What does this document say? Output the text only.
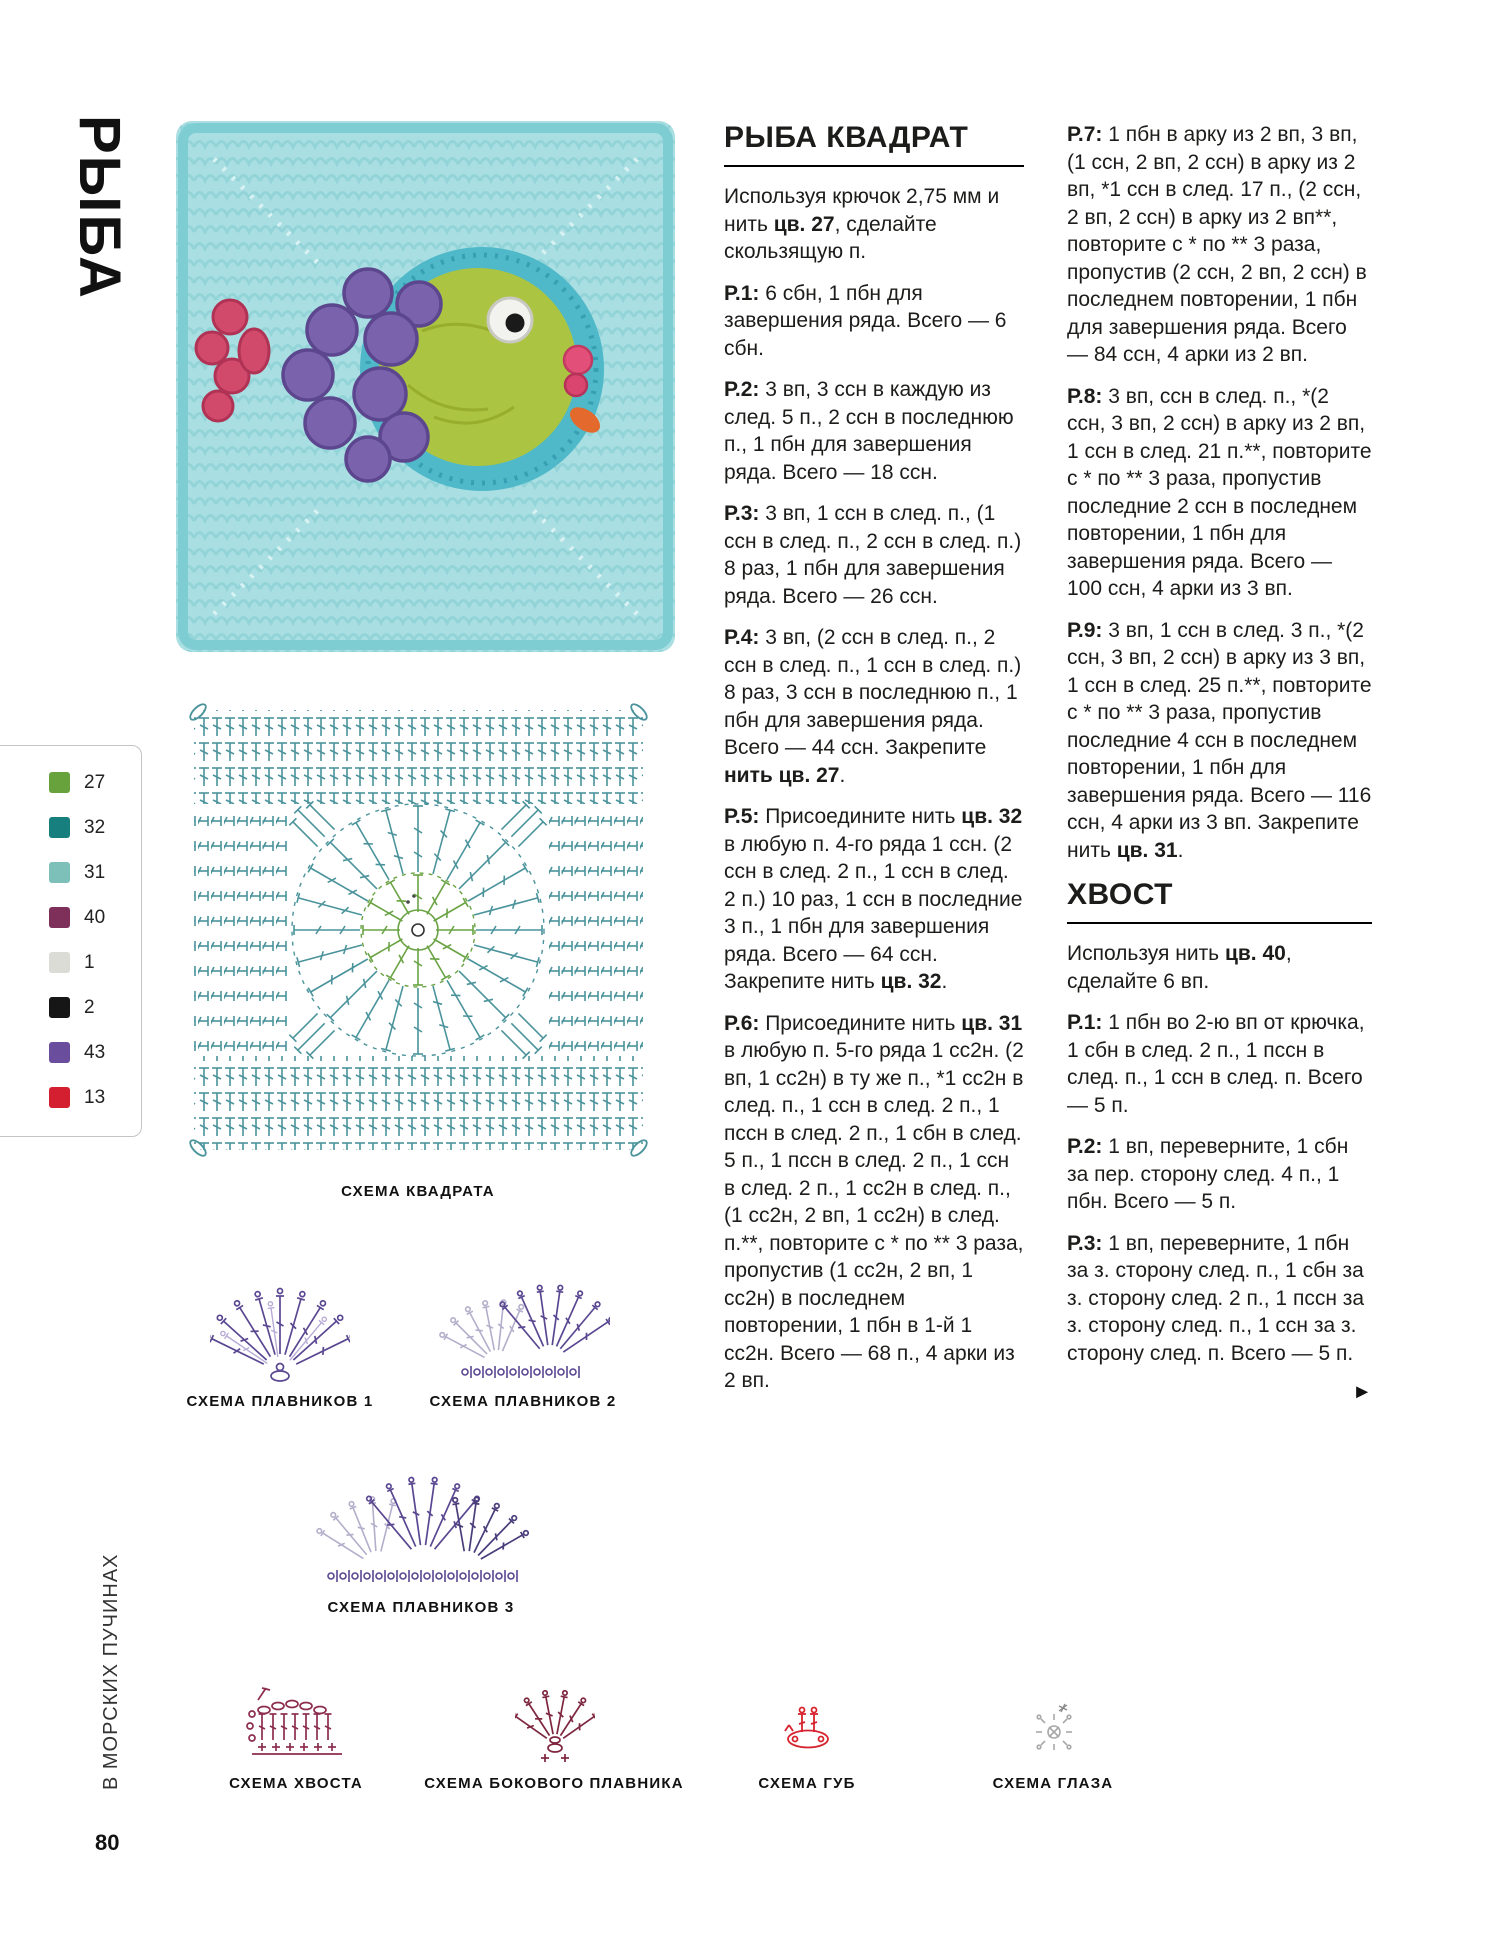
РЫБА
СХЕМА КВАДРАТА
27
32
31
40
1
2
43
13
РЫБА КВАДРАТ

Используя крючок 2,75 мм и нить цв. 27, сделайте скользящую п.

Р.1: 6 сбн, 1 пбн для завершения ряда. Всего — 6 сбн.

Р.2: 3 вп, 3 ссн в каждую из след. 5 п., 2 ссн в последнюю п., 1 пбн для завершения ряда. Всего — 18 ссн.

Р.3: 3 вп, 1 ссн в след. п., (1 ссн в след. п., 2 ссн в след. п.) 8 раз, 1 пбн для завершения ряда. Всего — 26 ссн.

Р.4: 3 вп, (2 ссн в след. п., 2 ссн в след. п., 1 ссн в след. п.) 8 раз, 3 ссн в последнюю п., 1 пбн для завершения ряда. Всего — 44 ссн. Закрепите нить цв. 27.

Р.5: Присоедините нить цв. 32 в любую п. 4-го ряда 1 ссн. (2 ссн в след. 2 п., 1 ссн в след. 2 п.) 10 раз, 1 ссн в последние 3 п., 1 пбн для завершения ряда. Всего — 64 ссн. Закрепите нить цв. 32.

Р.6: Присоедините нить цв. 31 в любую п. 5-го ряда 1 сс2н. (2 вп, 1 сс2н) в ту же п., *1 сс2н в след. п., 1 ссн в след. 2 п., 1 пссн в след. 2 п., 1 сбн в след. 5 п., 1 пссн в след. 2 п., 1 ссн в след. 2 п., 1 сс2н в след. п., (1 сс2н, 2 вп, 1 сс2н) в след. п.**, повторите с * по ** 3 раза, пропустив (1 сс2н, 2 вп, 1 сс2н) в последнем повторении, 1 пбн в 1-й 1 сс2н. Всего — 68 п., 4 арки из 2 вп.

Р.7: 1 пбн в арку из 2 вп, 3 вп, (1 ссн, 2 вп, 2 ссн) в арку из 2 вп, *1 ссн в след. 17 п., (2 ссн, 2 вп, 2 ссн) в арку из 2 вп**, повторите с * по ** 3 раза, пропустив (2 ссн, 2 вп, 2 ссн) в последнем повторении, 1 пбн для завершения ряда. Всего — 84 ссн, 4 арки из 2 вп.

Р.8: 3 вп, ссн в след. п., *(2 ссн, 3 вп, 2 ссн) в арку из 2 вп, 1 ссн в след. 21 п.**, повторите с * по ** 3 раза, пропустив последние 2 ссн в последнем повторении, 1 пбн для завершения ряда. Всего — 100 ссн, 4 арки из 3 вп.

Р.9: 3 вп, 1 ссн в след. 3 п., *(2 ссн, 3 вп, 2 ссн) в арку из 3 вп, 1 ссн в след. 25 п.**, повторите с * по ** 3 раза, пропустив последние 4 ссн в последнем повторении, 1 пбн для завершения ряда. Всего — 116 ссн, 4 арки из 3 вп. Закрепите нить цв. 31.

ХВОСТ

Используя нить цв. 40, сделайте 6 вп.

Р.1: 1 пбн во 2-ю вп от крючка, 1 сбн в след. 2 п., 1 пссн в след. п., 1 ссн в след. п. Всего — 5 п.

Р.2: 1 вп, переверните, 1 сбн за пер. сторону след. 4 п., 1 пбн. Всего — 5 п.

Р.3: 1 вп, переверните, 1 пбн за з. сторону след. п., 1 сбн за з. сторону след. 2 п., 1 пссн за з. сторону след. п., 1 ссн за з. сторону след. п. Всего — 5 п.

►
СХЕМА ПЛАВНИКОВ 1	СХЕМА ПЛАВНИКОВ 2
СХЕМА ПЛАВНИКОВ 3
СХЕМА ХВОСТА	СХЕМА БОКОВОГО ПЛАВНИКА	СХЕМА ГУБ	СХЕМА ГЛАЗА
В МОРСКИХ ПУЧИНАХ
80
